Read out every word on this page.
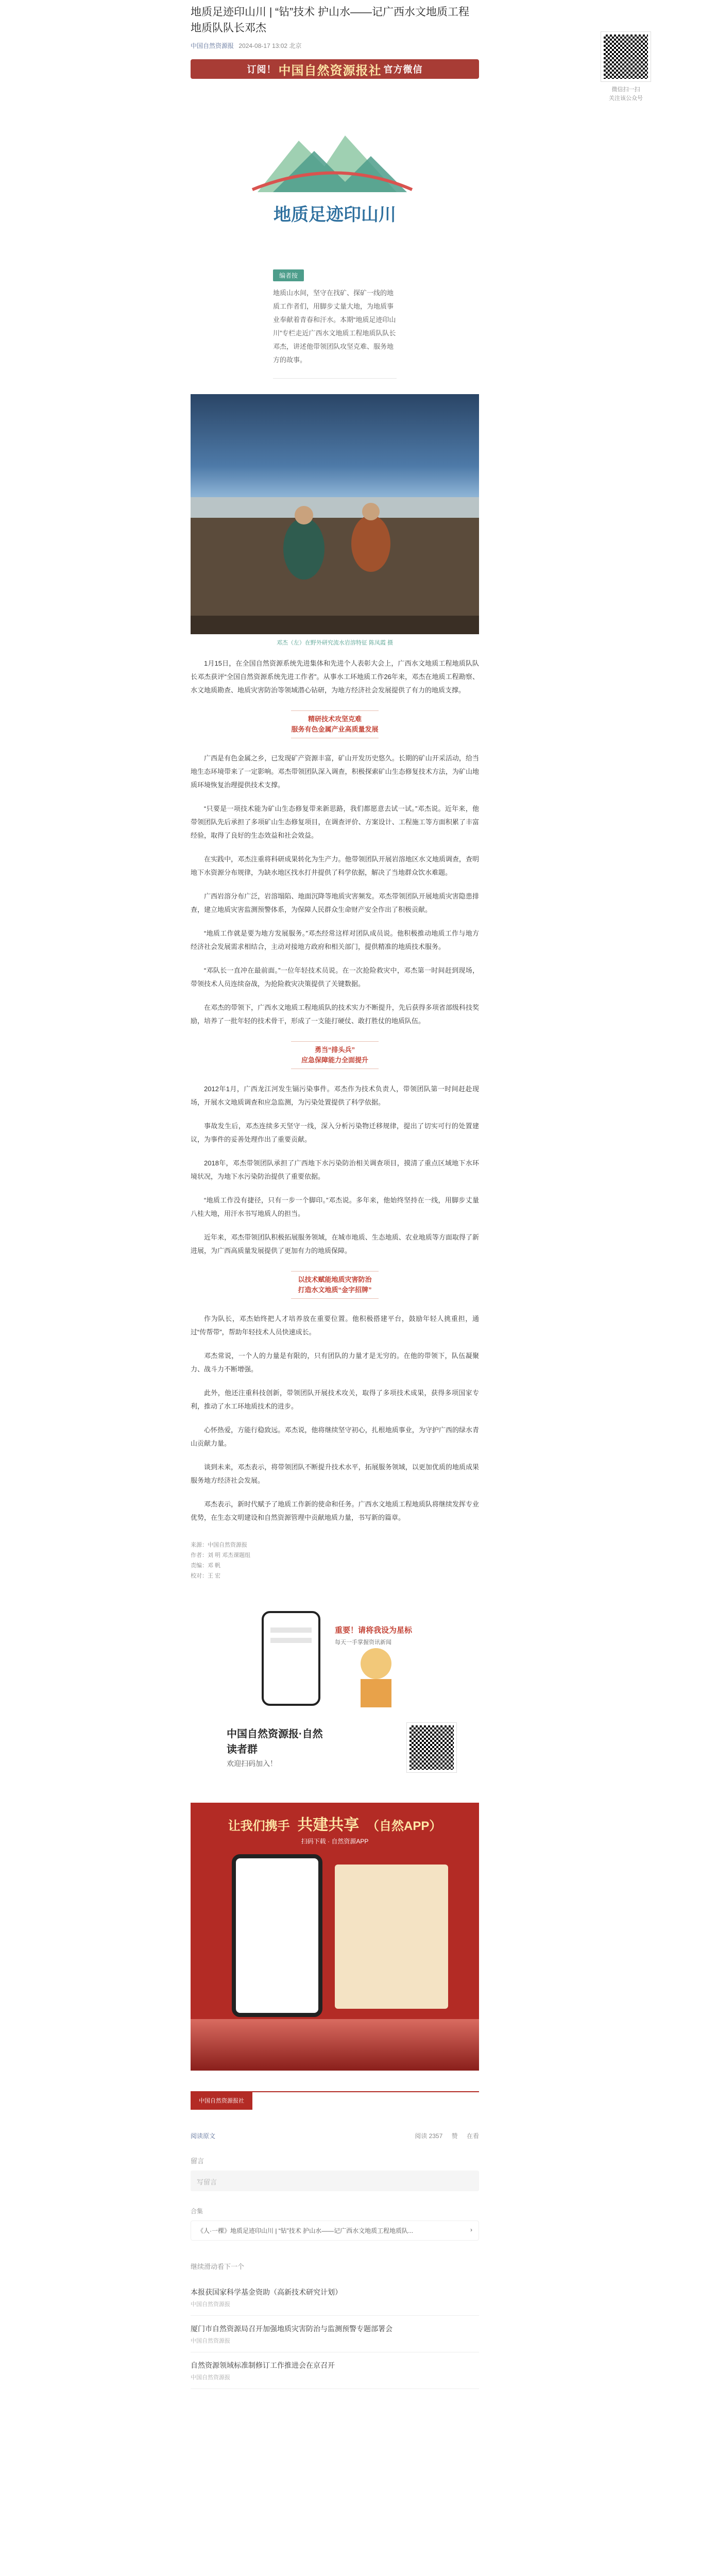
微信扫一扫
关注该公众号
地质足迹印山川 | “钻”技术 护山水——记广西水文地质工程地质队队长邓杰
中国自然资源报 2024-08-17 13:02 北京
订阅！ 中国自然资源报社 官方微信
地质足迹印山川
编者按
地质山水间，坚守在找矿、探矿一线的地质工作者们，用脚步丈量大地，为地质事业奉献着青春和汗水。本期“地质足迹印山川”专栏走近广西水文地质工程地质队队长邓杰，讲述他带领团队攻坚克难、服务地方的故事。
邓杰（左）在野外研究流水岩溶特征 陈凤霞 摄

1月15日，在全国自然资源系统先进集体和先进个人表彰大会上，广西水文地质工程地质队队长邓杰获评“全国自然资源系统先进工作者”。从事水工环地质工作26年来，邓杰在地质工程勘察、水文地质勘查、地质灾害防治等领域潜心钻研，为地方经济社会发展提供了有力的地质支撑。

精研技术攻坚克难
服务有色金属产业高质量发展

广西是有色金属之乡，已发现矿产资源丰富，矿山开发历史悠久。长期的矿山开采活动，给当地生态环境带来了一定影响。邓杰带领团队深入调查，积极探索矿山生态修复技术方法，为矿山地质环境恢复治理提供技术支撑。

“只要是一项技术能为矿山生态修复带来新思路，我们都愿意去试一试。”邓杰说。近年来，他带领团队先后承担了多项矿山生态修复项目，在调查评价、方案设计、工程施工等方面积累了丰富经验，取得了良好的生态效益和社会效益。

在实践中，邓杰注重将科研成果转化为生产力。他带领团队开展岩溶地区水文地质调查，查明地下水资源分布规律，为缺水地区找水打井提供了科学依据，解决了当地群众饮水难题。

广西岩溶分布广泛，岩溶塌陷、地面沉降等地质灾害频发。邓杰带领团队开展地质灾害隐患排查，建立地质灾害监测预警体系，为保障人民群众生命财产安全作出了积极贡献。

“地质工作就是要为地方发展服务。”邓杰经常这样对团队成员说。他积极推动地质工作与地方经济社会发展需求相结合，主动对接地方政府和相关部门，提供精准的地质技术服务。

“邓队长一直冲在最前面。”一位年轻技术员说。在一次抢险救灾中，邓杰第一时间赶到现场，带领技术人员连续奋战，为抢险救灾决策提供了关键数据。

在邓杰的带领下，广西水文地质工程地质队的技术实力不断提升，先后获得多项省部级科技奖励，培养了一批年轻的技术骨干，形成了一支能打硬仗、敢打胜仗的地质队伍。

勇当“排头兵”
应急保障能力全面提升

2012年1月，广西龙江河发生镉污染事件。邓杰作为技术负责人，带领团队第一时间赶赴现场，开展水文地质调查和应急监测，为污染处置提供了科学依据。

事故发生后，邓杰连续多天坚守一线，深入分析污染物迁移规律，提出了切实可行的处置建议，为事件的妥善处理作出了重要贡献。

2018年，邓杰带领团队承担了广西地下水污染防治相关调查项目，摸清了重点区域地下水环境状况，为地下水污染防治提供了重要依据。

“地质工作没有捷径，只有一步一个脚印。”邓杰说。多年来，他始终坚持在一线，用脚步丈量八桂大地，用汗水书写地质人的担当。

近年来，邓杰带领团队积极拓展服务领域，在城市地质、生态地质、农业地质等方面取得了新进展，为广西高质量发展提供了更加有力的地质保障。

以技术赋能地质灾害防治
打造水文地质“金字招牌”

作为队长，邓杰始终把人才培养放在重要位置。他积极搭建平台，鼓励年轻人挑重担，通过“传帮带”，帮助年轻技术人员快速成长。

邓杰常说，一个人的力量是有限的，只有团队的力量才是无穷的。在他的带领下，队伍凝聚力、战斗力不断增强。

此外，他还注重科技创新，带领团队开展技术攻关，取得了多项技术成果，获得多项国家专利，推动了水工环地质技术的进步。

心怀热爱，方能行稳致远。邓杰说，他将继续坚守初心，扎根地质事业，为守护广西的绿水青山贡献力量。

谈到未来，邓杰表示，将带领团队不断提升技术水平，拓展服务领域，以更加优质的地质成果服务地方经济社会发展。

邓杰表示，新时代赋予了地质工作新的使命和任务。广西水文地质工程地质队将继续发挥专业优势，在生态文明建设和自然资源管理中贡献地质力量，书写新的篇章。

来源：中国自然资源报
作者：刘 明 邓杰课题组
责编：邓 帆
校对：王 宏
重要！请将我设为星标
每天一手掌握资讯新闻
中国自然资源报·自然
读者群
欢迎扫码加入！
让我们携手 共建共享 （自然APP）
扫码下载 · 自然资源APP
中国自然资源报社
阅读原文	阅读 2357 赞 在看
留言
写留言
合集
《人·一棵》地质足迹印山川 | “钻”技术 护山水——记广西水文地质工程地质队...	›
继续滑动看下一个
本报获国家科学基金资助（高新技术研究计划）
中国自然资源报
厦门市自然资源局召开加强地质灾害防治与监测预警专题部署会
中国自然资源报
自然资源领域标准制修订工作推进会在京召开
中国自然资源报
